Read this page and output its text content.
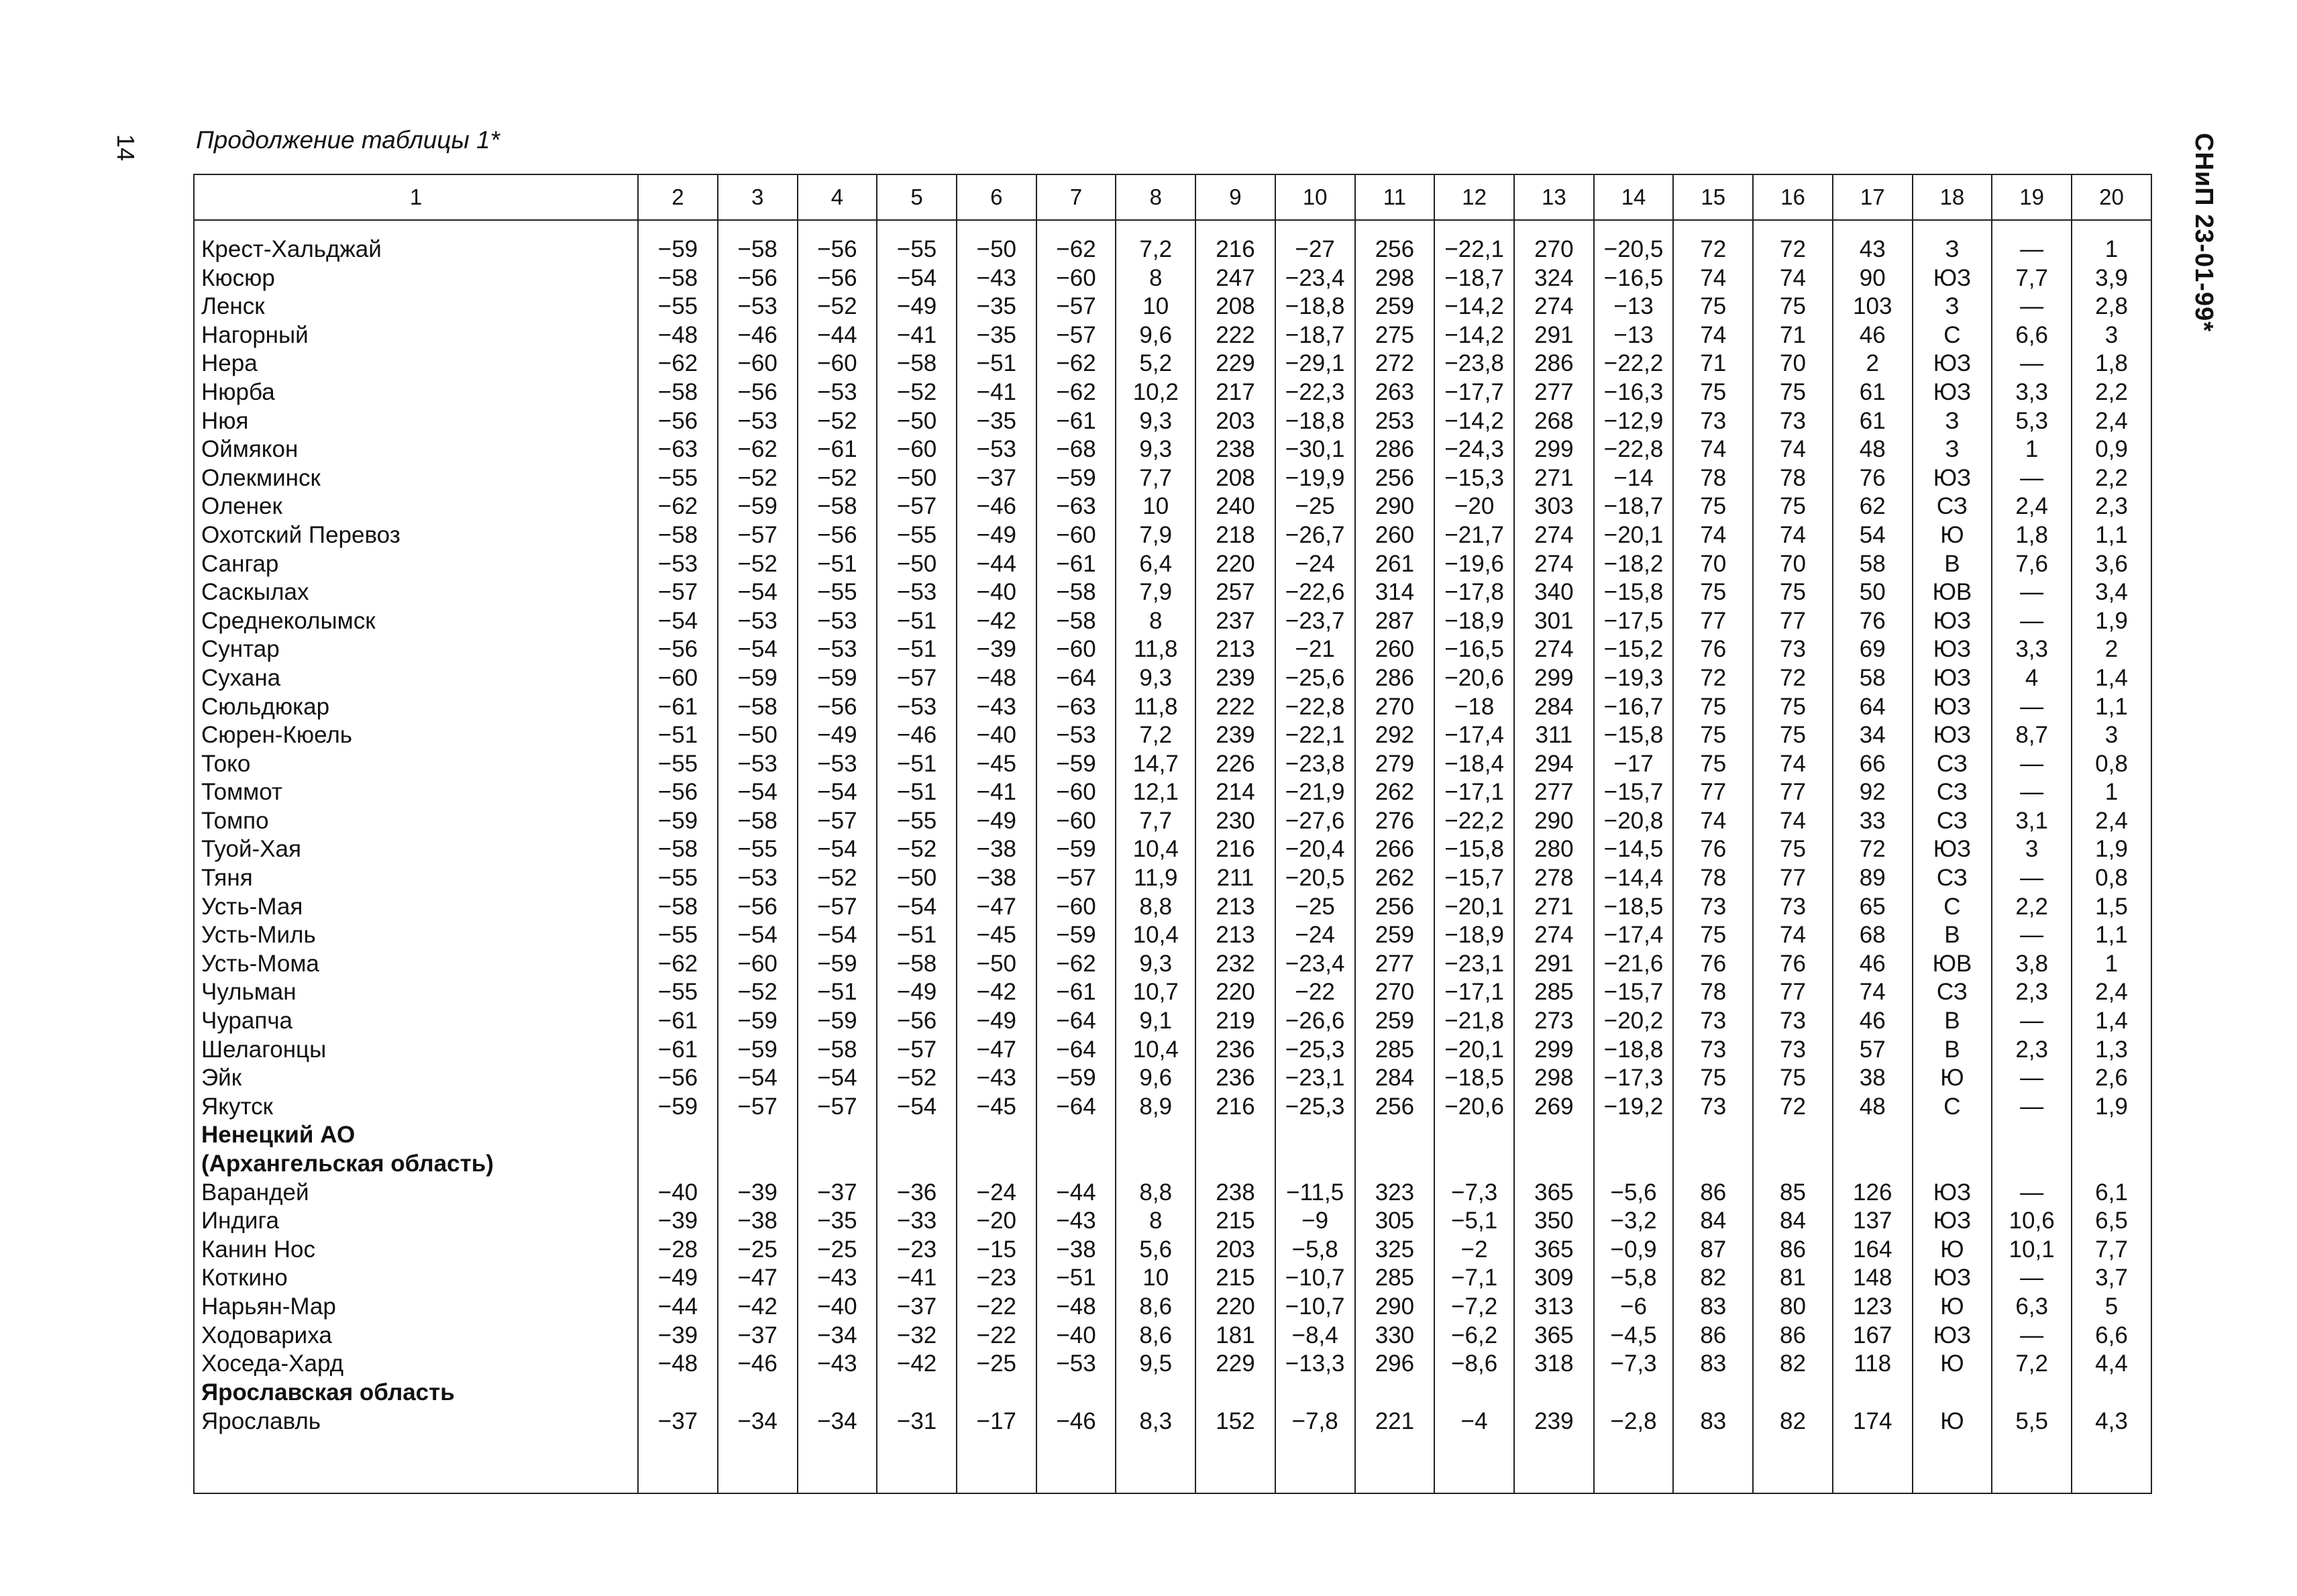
14 Продолжение таблицы 1*	СНиП 23-01-99*
1	2	3	4	5	6	7	8	9	10	11	12	13	14	15	16	17	18	19	20

Крест-Хальджай	−59	−58	−56	−55	−50	−62	7,2	216	−27	256	−22,1	270	−20,5	72	72	43	З	—	1
Кюсюр	−58	−56	−56	−54	−43	−60	8	247	−23,4	298	−18,7	324	−16,5	74	74	90	ЮЗ	7,7	3,9
Ленск	−55	−53	−52	−49	−35	−57	10	208	−18,8	259	−14,2	274	−13	75	75	103	З	—	2,8
Нагорный	−48	−46	−44	−41	−35	−57	9,6	222	−18,7	275	−14,2	291	−13	74	71	46	С	6,6	3
Нера	−62	−60	−60	−58	−51	−62	5,2	229	−29,1	272	−23,8	286	−22,2	71	70	2	ЮЗ	—	1,8
Нюрба	−58	−56	−53	−52	−41	−62	10,2	217	−22,3	263	−17,7	277	−16,3	75	75	61	ЮЗ	3,3	2,2
Нюя	−56	−53	−52	−50	−35	−61	9,3	203	−18,8	253	−14,2	268	−12,9	73	73	61	З	5,3	2,4
Оймякон	−63	−62	−61	−60	−53	−68	9,3	238	−30,1	286	−24,3	299	−22,8	74	74	48	З	1	0,9
Олекминск	−55	−52	−52	−50	−37	−59	7,7	208	−19,9	256	−15,3	271	−14	78	78	76	ЮЗ	—	2,2
Оленек	−62	−59	−58	−57	−46	−63	10	240	−25	290	−20	303	−18,7	75	75	62	СЗ	2,4	2,3
Охотский Перевоз	−58	−57	−56	−55	−49	−60	7,9	218	−26,7	260	−21,7	274	−20,1	74	74	54	Ю	1,8	1,1
Сангар	−53	−52	−51	−50	−44	−61	6,4	220	−24	261	−19,6	274	−18,2	70	70	58	В	7,6	3,6
Саскылах	−57	−54	−55	−53	−40	−58	7,9	257	−22,6	314	−17,8	340	−15,8	75	75	50	ЮВ	—	3,4
Среднеколымск	−54	−53	−53	−51	−42	−58	8	237	−23,7	287	−18,9	301	−17,5	77	77	76	ЮЗ	—	1,9
Сунтар	−56	−54	−53	−51	−39	−60	11,8	213	−21	260	−16,5	274	−15,2	76	73	69	ЮЗ	3,3	2
Сухана	−60	−59	−59	−57	−48	−64	9,3	239	−25,6	286	−20,6	299	−19,3	72	72	58	ЮЗ	4	1,4
Сюльдюкар	−61	−58	−56	−53	−43	−63	11,8	222	−22,8	270	−18	284	−16,7	75	75	64	ЮЗ	—	1,1
Сюрен-Кюель	−51	−50	−49	−46	−40	−53	7,2	239	−22,1	292	−17,4	311	−15,8	75	75	34	ЮЗ	8,7	3
Токо	−55	−53	−53	−51	−45	−59	14,7	226	−23,8	279	−18,4	294	−17	75	74	66	СЗ	—	0,8
Томмот	−56	−54	−54	−51	−41	−60	12,1	214	−21,9	262	−17,1	277	−15,7	77	77	92	СЗ	—	1
Томпо	−59	−58	−57	−55	−49	−60	7,7	230	−27,6	276	−22,2	290	−20,8	74	74	33	СЗ	3,1	2,4
Туой-Хая	−58	−55	−54	−52	−38	−59	10,4	216	−20,4	266	−15,8	280	−14,5	76	75	72	ЮЗ	3	1,9
Тяня	−55	−53	−52	−50	−38	−57	11,9	211	−20,5	262	−15,7	278	−14,4	78	77	89	СЗ	—	0,8
Усть-Мая	−58	−56	−57	−54	−47	−60	8,8	213	−25	256	−20,1	271	−18,5	73	73	65	С	2,2	1,5
Усть-Миль	−55	−54	−54	−51	−45	−59	10,4	213	−24	259	−18,9	274	−17,4	75	74	68	В	—	1,1
Усть-Мома	−62	−60	−59	−58	−50	−62	9,3	232	−23,4	277	−23,1	291	−21,6	76	76	46	ЮВ	3,8	1
Чульман	−55	−52	−51	−49	−42	−61	10,7	220	−22	270	−17,1	285	−15,7	78	77	74	СЗ	2,3	2,4
Чурапча	−61	−59	−59	−56	−49	−64	9,1	219	−26,6	259	−21,8	273	−20,2	73	73	46	В	—	1,4
Шелагонцы	−61	−59	−58	−57	−47	−64	10,4	236	−25,3	285	−20,1	299	−18,8	73	73	57	В	2,3	1,3
Эйк	−56	−54	−54	−52	−43	−59	9,6	236	−23,1	284	−18,5	298	−17,3	75	75	38	Ю	—	2,6
Якутск	−59	−57	−57	−54	−45	−64	8,9	216	−25,3	256	−20,6	269	−19,2	73	72	48	С	—	1,9
Ненецкий АО																			
(Архангельская область)																			
Варандей	−40	−39	−37	−36	−24	−44	8,8	238	−11,5	323	−7,3	365	−5,6	86	85	126	ЮЗ	—	6,1
Индига	−39	−38	−35	−33	−20	−43	8	215	−9	305	−5,1	350	−3,2	84	84	137	ЮЗ	10,6	6,5
Канин Нос	−28	−25	−25	−23	−15	−38	5,6	203	−5,8	325	−2	365	−0,9	87	86	164	Ю	10,1	7,7
Коткино	−49	−47	−43	−41	−23	−51	10	215	−10,7	285	−7,1	309	−5,8	82	81	148	ЮЗ	—	3,7
Нарьян-Мар	−44	−42	−40	−37	−22	−48	8,6	220	−10,7	290	−7,2	313	−6	83	80	123	Ю	6,3	5
Ходовариха	−39	−37	−34	−32	−22	−40	8,6	181	−8,4	330	−6,2	365	−4,5	86	86	167	ЮЗ	—	6,6
Хоседа-Хард	−48	−46	−43	−42	−25	−53	9,5	229	−13,3	296	−8,6	318	−7,3	83	82	118	Ю	7,2	4,4
Ярославская область																			
Ярославль	−37	−34	−34	−31	−17	−46	8,3	152	−7,8	221	−4	239	−2,8	83	82	174	Ю	5,5	4,3
